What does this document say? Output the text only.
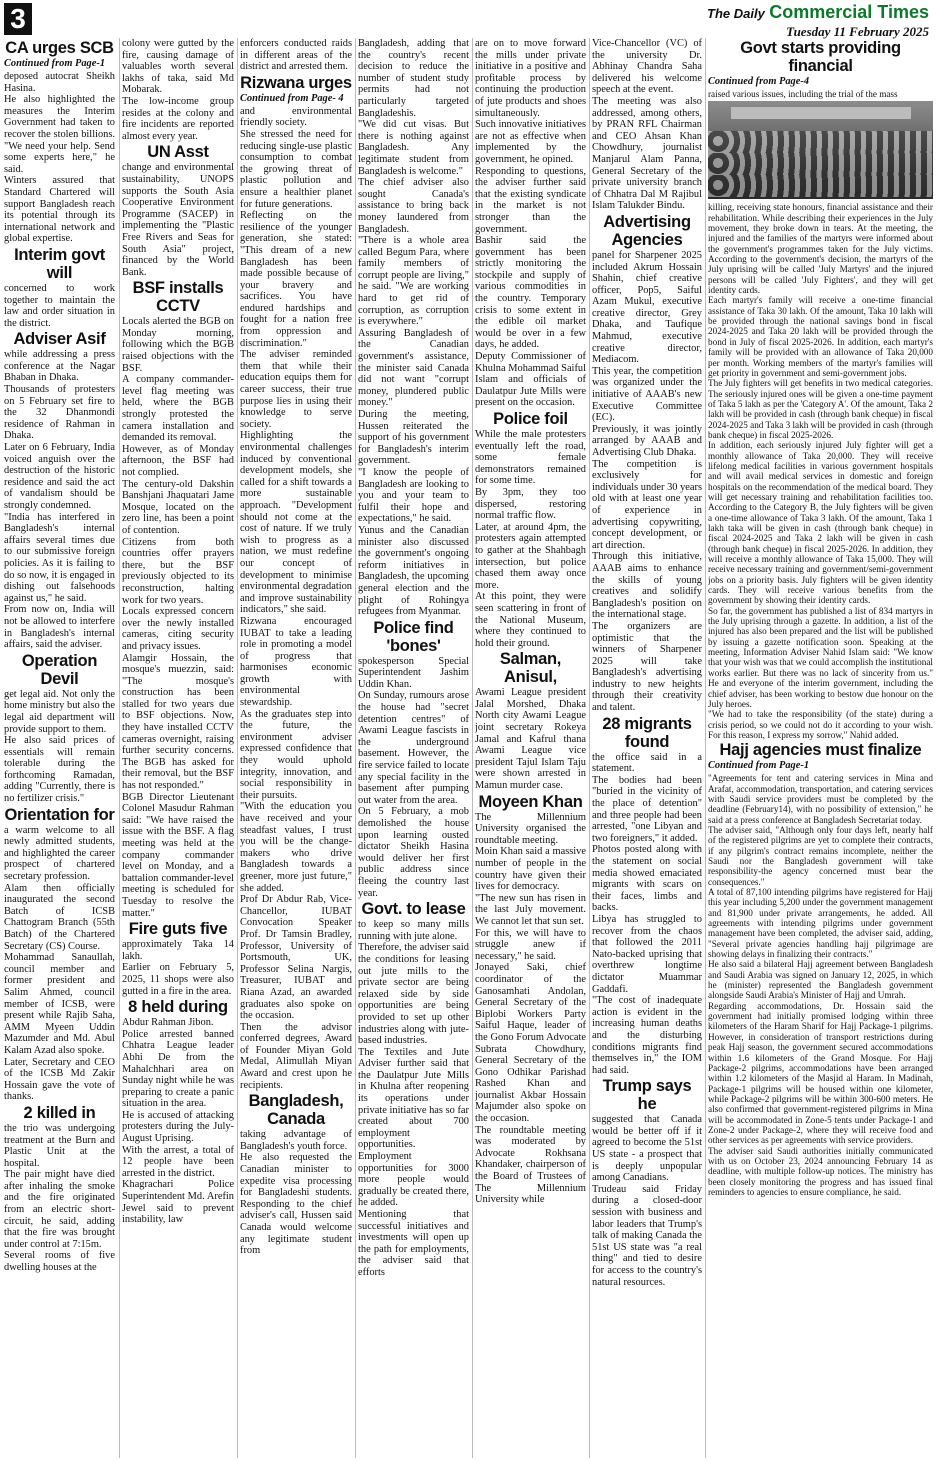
3	The Daily Commercial Times
Tuesday 11 February 2025
CA urges SCB
Continued from Page-1

deposed autocrat Sheikh Hasina.

He also highlighted the measures the Interim Government had taken to recover the stolen billions. "We need your help. Send some experts here," he said.

Winters assured that Standard Chartered will support Bangladesh reach its potential through its international network and global expertise.

Interim govt will

concerned to work together to maintain the law and order situation in the district.

Adviser Asif

while addressing a press conference at the Nagar Bhaban in Dhaka.

Thousands of protesters on 5 February set fire to the 32 Dhanmondi residence of Rahman in Dhaka.

Later on 6 February, India voiced anguish over the destruction of the historic residence and said the act of vandalism should be strongly condemned.

"India has interfered in Bangladesh's internal affairs several times due to our submissive foreign policies. As it is failing to do so now, it is engaged in dishing out falsehoods against us," he said.

From now on, India will not be allowed to interfere in Bangladesh's internal affairs, said the adviser.

Operation Devil

get legal aid. Not only the home ministry but also the legal aid department will provide support to them.

He also said prices of essentials will remain tolerable during the forthcoming Ramadan, adding "Currently, there is no fertilizer crisis."

Orientation for

a warm welcome to all newly admitted students, and highlighted the career prospect of chartered secretary profession.

Alam then officially inaugurated the second Batch of ICSB Chattogram Branch (55th Batch) of the Chartered Secretary (CS) Course.

Mohammad Sanaullah, council member and former president and Salim Ahmed, council member of ICSB, were present while Rajib Saha, AMM Myeen Uddin Mazumder and Md. Abul Kalam Azad also spoke.

Later, Secretary and CEO of the ICSB Md Zakir Hossain gave the vote of thanks.

2 killed in

the trio was undergoing treatment at the Burn and Plastic Unit at the hospital.

The pair might have died after inhaling the smoke and the fire originated from an electric short-circuit, he said, adding that the fire was brought under control at 7:15m.

Several rooms of five dwelling houses at the

colony were gutted by the fire, causing damage of valuables worth several lakhs of taka, said Md Mobarak.

The low-income group resides at the colony and fire incidents are reported almost every year.

UN Asst

change and environmental sustainability, UNOPS supports the South Asia Cooperative Environment Programme (SACEP) in implementing the "Plastic Free Rivers and Seas for South Asia" project, financed by the World Bank.

BSF installs CCTV

Locals alerted the BGB on Monday morning, following which the BGB raised objections with the BSF.

A company commander-level flag meeting was held, where the BGB strongly protested the camera installation and demanded its removal.

However, as of Monday afternoon, the BSF had not complied.

The century-old Dakshin Banshjani Jhaquatari Jame Mosque, located on the zero line, has been a point of contention.

Citizens from both countries offer prayers there, but the BSF previously objected to its reconstruction, halting work for two years.

Locals expressed concern over the newly installed cameras, citing security and privacy issues.

Alamgir Hossain, the mosque's muezzin, said: "The mosque's construction has been stalled for two years due to BSF objections. Now, they have installed CCTV cameras overnight, raising further security concerns. The BGB has asked for their removal, but the BSF has not responded."

BGB Director Lieutenant Colonel Masudur Rahman said: "We have raised the issue with the BSF. A flag meeting was held at the company commander level on Monday, and a battalion commander-level meeting is scheduled for Tuesday to resolve the matter."

Fire guts five

approximately Taka 14 lakh.

Earlier on February 5, 2025, 11 shops were also gutted in a fire in the area.

8 held during

Abdur Rahman Jibon.

Police arrested banned Chhatra League leader Abhi De from the Mahalchhari area on Sunday night while he was preparing to create a panic situation in the area.

He is accused of attacking protesters during the July-August Uprising.

With the arrest, a total of 12 people have been arrested in the district.

Khagrachari Police Superintendent Md. Arefin Jewel said to prevent instability, law

enforcers conducted raids in different areas of the district and arrested them.

Rizwana urges
Continued from Page- 4

and environmental friendly society.

She stressed the need for reducing single-use plastic consumption to combat the growing threat of plastic pollution and ensure a healthier planet for future generations.

Reflecting on the resilience of the younger generation, she stated: "This dream of a new Bangladesh has been made possible because of your bravery and sacrifices. You have endured hardships and fought for a nation free from oppression and discrimination."

The adviser reminded them that while their education equips them for career success, their true purpose lies in using their knowledge to serve society.

Highlighting the environmental challenges induced by conventional development models, she called for a shift towards a more sustainable approach. "Development should not come at the cost of nature. If we truly wish to progress as a nation, we must redefine our concept of development to minimise environmental degradation and improve sustainability indicators," she said.

Rizwana encouraged IUBAT to take a leading role in promoting a model of progress that harmonises economic growth with environmental stewardship.

As the graduates step into the future, the environment adviser expressed confidence that they would uphold integrity, innovation, and social responsibility in their pursuits.

"With the education you have received and your steadfast values, I trust you will be the change-makers who drive Bangladesh towards a greener, more just future," she added.

Prof Dr Abdur Rab, Vice-Chancellor, IUBAT Convocation Speaker Prof. Dr Tamsin Bradley, Professor, University of Portsmouth, UK, Professor Selina Nargis, Treasurer, IUBAT and Riana Azad, an awarded graduates also spoke on the occasion.

Then the advisor conferred degrees, Award of Founder Miyan Gold Medal, Alimullah Miyan Award and crest upon he recipients.

Bangladesh, Canada

taking advantage of Bangladesh's youth force.

He also requested the Canadian minister to expedite visa processing for Bangladeshi students. Responding to the chief adviser's call, Hussen said Canada would welcome any legitimate student from

Bangladesh, adding that the country's recent decision to reduce the number of student study permits had not particularly targeted Bangladeshis.

"We did cut visas. But there is nothing against Bangladesh. Any legitimate student from Bangladesh is welcome."

The chief adviser also sought Canada's assistance to bring back money laundered from Bangladesh.

"There is a whole area called Begum Para, where family members of corrupt people are living," he said. "We are working hard to get rid of corruption, as corruption is everywhere."

Assuring Bangladesh of the Canadian government's assistance, the minister said Canada did not want "corrupt money, plundered public money."

During the meeting, Hussen reiterated the support of his government for Bangladesh's interim government.

"I know the people of Bangladesh are looking to you and your team to fulfil their hope and expectations," he said.

Yunus and the Canadian minister also discussed the government's ongoing reform initiatives in Bangladesh, the upcoming general election and the plight of Rohingya refugees from Myanmar.

Police find 'bones'

spokesperson Special Superintendent Jashim Uddin Khan.

On Sunday, rumours arose the house had "secret detention centres" of Awami League fascists in the underground basement. However, the fire service failed to locate any special facility in the basement after pumping out water from the area.

On 5 February, a mob demolished the house upon learning ousted dictator Sheikh Hasina would deliver her first public address since fleeing the country last year.

Govt. to lease

to keep so many mills running with jute alone.

Therefore, the adviser said the conditions for leasing out jute mills to the private sector are being relaxed side by side opportunities are being provided to set up other industries along with jute-based industries.

The Textiles and Jute Adviser further said that the Daulatpur Jute Mills in Khulna after reopening its operations under private initiative has so far created about 700 employment opportunities. Employment opportunities for 3000 more people would gradually be created there, he added.

Mentioning that successful initiatives and investments will open up the path for employments, the adviser said that efforts

are on to move forward the mills under private initiative in a positive and profitable process by continuing the production of jute products and shoes simultaneously.

Such innovative initiatives are not as effective when implemented by the government, he opined.

Responding to questions, the adviser further said that the existing syndicate in the market is not stronger than the government.

Bashir said the government has been strictly monitoring the stockpile and supply of various commodities in the country. Temporary crisis to some extent in the edible oil market would be over in a few days, he added.

Deputy Commissioner of Khulna Mohammad Saiful Islam and officials of Daulatpur Jute Mills were present on the occasion.

Police foil

While the male protesters eventually left the road, some female demonstrators remained for some time.

By 3pm, they too dispersed, restoring normal traffic flow.

Later, at around 4pm, the protesters again attempted to gather at the Shahbagh intersection, but police chased them away once more.

At this point, they were seen scattering in front of the National Museum, where they continued to hold their ground.

Salman, Anisul,

Awami League president Jalal Morshed, Dhaka North city Awami League joint secretary Rokeya Jamal and Kafrul thana Awami League vice president Tajul Islam Taju were shown arrested in Mamun murder case.

Moyeen Khan

The Millennium University organised the roundtable meeting.

Moin Khan said a massive number of people in the country have given their lives for democracy.

"The new sun has risen in the last July movement. We cannot let that sun set.

For this, we will have to struggle anew if necessary," he said.

Jonayed Saki, chief coordinator of the Ganosamhati Andolan, General Secretary of the Biplobi Workers Party Saiful Haque, leader of the Gono Forum Advocate Subrata Chowdhury, General Secretary of the Gono Odhikar Parishad Rashed Khan and journalist Akbar Hossain Majumder also spoke on the occasion.

The roundtable meeting was moderated by Advocate Rokhsana Khandaker, chairperson of the Board of Trustees of The Millennium University while

Vice-Chancellor (VC) of the university Dr. Abhinay Chandra Saha delivered his welcome speech at the event.

The meeting was also addressed, among others, by PRAN RFL Chairman and CEO Ahsan Khan Chowdhury, journalist Manjarul Alam Panna, General Secretary of the private university branch of Chhatra Dal M Rajibul Islam Talukder Bindu.

Advertising Agencies

panel for Sharpener 2025 included Akrum Hossain Shahin, chief creative officer, Pop5, Saiful Azam Mukul, executive creative director, Grey Dhaka, and Taufique Mahmud, executive creative director, Mediacom.

This year, the competition was organized under the initiative of AAAB's new Executive Committee (EC).

Previously, it was jointly arranged by AAAB and Advertising Club Dhaka.

The competition is exclusively for individuals under 30 years old with at least one year of experience in advertising copywriting, concept development, or art direction.

Through this initiative, AAAB aims to enhance the skills of young creatives and solidify Bangladesh's position on the international stage.

The organizers are optimistic that the winners of Sharpener 2025 will take Bangladesh's advertising industry to new heights through their creativity and talent.

28 migrants found

the office said in a statement.

The bodies had been "buried in the vicinity of the place of detention" and three people had been arrested, "one Libyan and two foreigners," it added.

Photos posted along with the statement on social media showed emaciated migrants with scars on their faces, limbs and backs.

Libya has struggled to recover from the chaos that followed the 2011 Nato-backed uprising that overthrew longtime dictator Muammar Gaddafi.

"The cost of inadequate action is evident in the increasing human deaths and the disturbing conditions migrants find themselves in," the IOM had said.

Trump says he

suggested that Canada would be better off if it agreed to become the 51st US state - a prospect that is deeply unpopular among Canadians.

Trudeau said Friday during a closed-door session with business and labor leaders that Trump's talk of making Canada the 51st US state was "a real thing" and tied to desire for access to the country's natural resources.

Govt starts providing financial
Continued from Page-4

raised various issues, including the trial of the mass

killing, receiving state honours, financial assistance and their rehabilitation. While describing their experiences in the July movement, they broke down in tears. At the meeting, the injured and the families of the martyrs were informed about the government's programmes taken for the July victims. According to the government's decision, the martyrs of the July uprising will be called 'July Martyrs' and the injured persons will be called 'July Fighters', and they will get identity cards.

Each martyr's family will receive a one-time financial assistance of Taka 30 lakh. Of the amount, Taka 10 lakh will be provided through the national savings bond in fiscal 2024-2025 and Taka 20 lakh will be provided through the bond in July of fiscal 2025-2026. In addition, each martyr's family will be provided with an allowance of Taka 20,000 per month. Working members of the martyr's families will get priority in government and semi-government jobs.

The July fighters will get benefits in two medical categories. The seriously injured ones will be given a one-time payment of Taka 5 lakh as per the 'Category A'. Of the amount, Taka 2 lakh will be provided in cash (through bank cheque) in fiscal 2024-2025 and Taka 3 lakh will be provided in cash (through bank cheque) in fiscal 2025-2026.

In addition, each seriously injured July fighter will get a monthly allowance of Taka 20,000. They will receive lifelong medical facilities in various government hospitals and will avail medical services in domestic and foreign hospitals on the recommendation of the medical board. They will get necessary training and rehabilitation facilities too. According to the Category B, the July fighters will be given a one-time allowance of Taka 3 lakh. Of the amount, Taka 1 lakh taka will be given in cash (through bank cheque) in fiscal 2024-2025 and Taka 2 lakh will be given in cash (through bank cheque) in fiscal 2025-2026. In addition, they will receive a monthly allowance of Taka 15,000. They will receive necessary training and government/semi-government jobs on a priority basis. July fighters will be given identity cards. They will receive various benefits from the government by showing their identity cards.

So far, the government has published a list of 834 martyrs in the July uprising through a gazette. In addition, a list of the injured has also been prepared and the list will be published by issuing a gazette notification soon. Speaking at the meeting, Information Adviser Nahid Islam said: "We know that your wish was that we could accomplish the institutional works earlier. But there was no lack of sincerity from us." He and everyone of the interim government, including the chief adviser, has been working to bestow due honour on the July heroes.

"We had to take the responsibility (of the state) during a crisis period, so we could not do it according to your wish. For this reason, I express my sorrow," Nahid added.

Hajj agencies must finalize
Continued from Page-1

"Agreements for tent and catering services in Mina and Arafat, accommodation, transportation, and catering services with Saudi service providers must be completed by the deadline (February14), with no possibility of extension," he said at a press conference at Bangladesh Secretariat today.

The adviser said, "Although only four days left, nearly half of the registered pilgrims are yet to complete their contracts, if any pilgrim's contract remains incomplete, neither the Saudi nor the Bangladesh government will take responsibility-the agency concerned must bear the consequences."

A total of 87,100 intending pilgrims have registered for Hajj this year including 5,200 under the government management and 81,900 under private arrangements, he added. All agreements with intending pilgrims under government management have been completed, the adviser said, adding, "Several private agencies handling hajj pilgrimage are showing delays in finalizing their contracts."

He also said a bilateral Hajj agreement between Bangladesh and Saudi Arabia was signed on January 12, 2025, in which he (minister) represented the Bangladesh government alongside Saudi Arabia's Minister of Hajj and Umrah.

Regarding accommodations, Dr. Hossain said the government had initially promised lodging within three kilometers of the Haram Sharif for Hajj Package-1 pilgrims. However, in consideration of transport restrictions during peak Hajj season, the government secured accommodations within 1.6 kilometers of the Grand Mosque. For Hajj Package-2 pilgrims, accommodations have been arranged within 1.2 kilometers of the Masjid al Haram. In Madinah, Package-1 pilgrims will be housed within one kilometer, while Package-2 pilgrims will be within 300-600 meters. He also confirmed that government-registered pilgrims in Mina will be accommodated in Zone-5 tents under Package-1 and Zone-2 under Package-2, where they will receive food and other services as per agreements with service providers.

The adviser said Saudi authorities initially communicated with us on October 23, 2024 announcing February 14 as deadline, with multiple follow-up notices. The ministry has been closely monitoring the progress and has issued final reminders to agencies to ensure compliance, he said.
